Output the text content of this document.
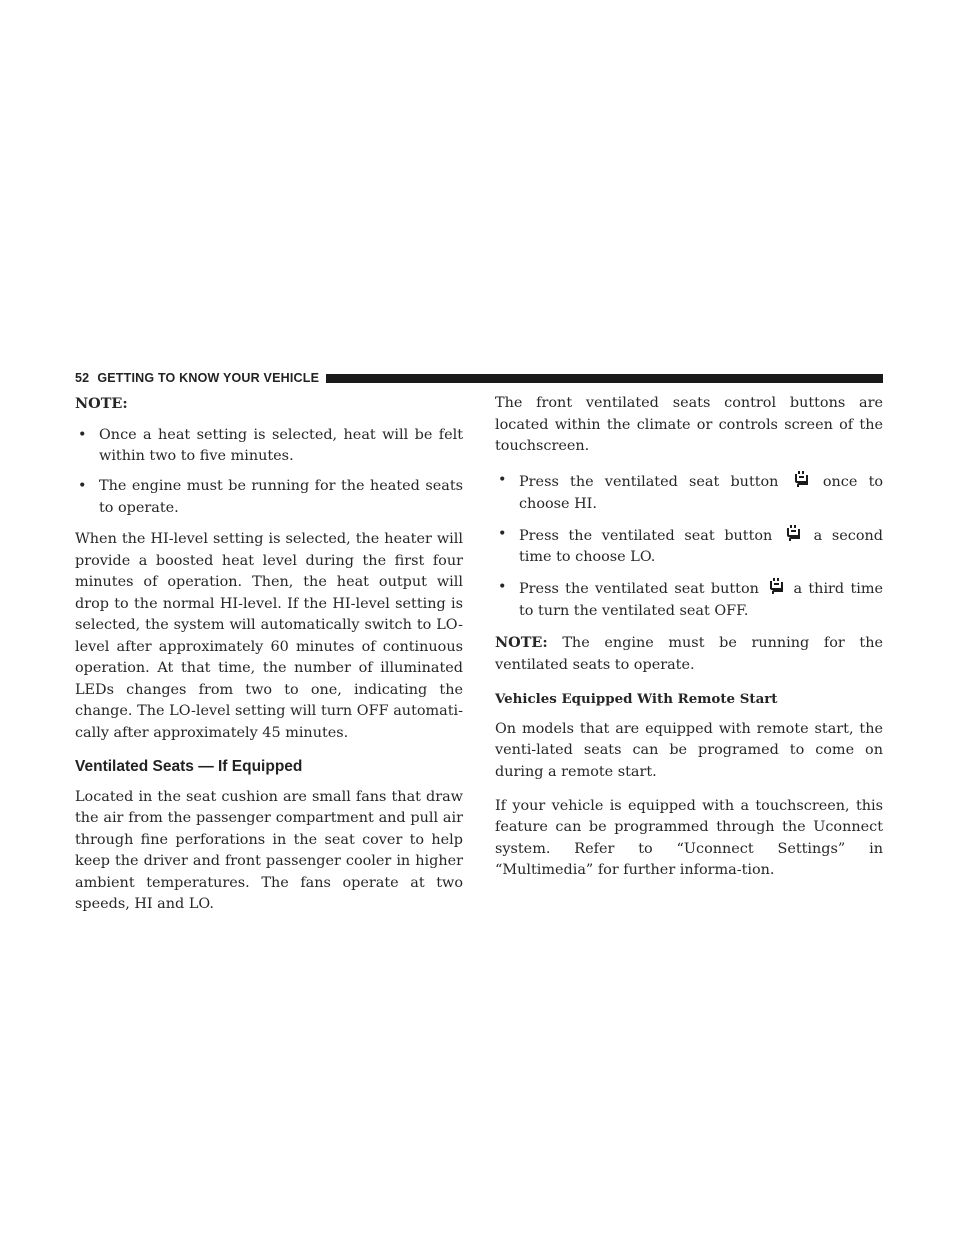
52 GETTING TO KNOW YOUR VEHICLE

NOTE:

• Once a heat setting is selected, heat will be felt within two to five minutes.
• The engine must be running for the heated seats to operate.

When the HI-level setting is selected, the heater will provide a boosted heat level during the first four minutes of operation. Then, the heat output will drop to the normal HI-level. If the HI-level setting is selected, the system will automatically switch to LO-level after approximately 60 minutes of continuous operation. At that time, the number of illuminated LEDs changes from two to one, indicating the change. The LO-level setting will turn OFF automati-cally after approximately 45 minutes.

Ventilated Seats — If Equipped

Located in the seat cushion are small fans that draw the air from the passenger compartment and pull air through fine perforations in the seat cover to help keep the driver and front passenger cooler in higher ambient temperatures. The fans operate at two speeds, HI and LO.

The front ventilated seats control buttons are located within the climate or controls screen of the touchscreen.

• Press the ventilated seat button	once to choose HI.
• Press the ventilated seat button	a second time to choose LO.
• Press the ventilated seat button a third time to turn the ventilated seat OFF.

NOTE: The engine must be running for the ventilated seats to operate.

Vehicles Equipped With Remote Start

On models that are equipped with remote start, the venti-lated seats can be programed to come on during a remote start.

If your vehicle is equipped with a touchscreen, this feature can be programmed through the Uconnect system. Refer to “Uconnect Settings” in “Multimedia” for further informa-tion.
